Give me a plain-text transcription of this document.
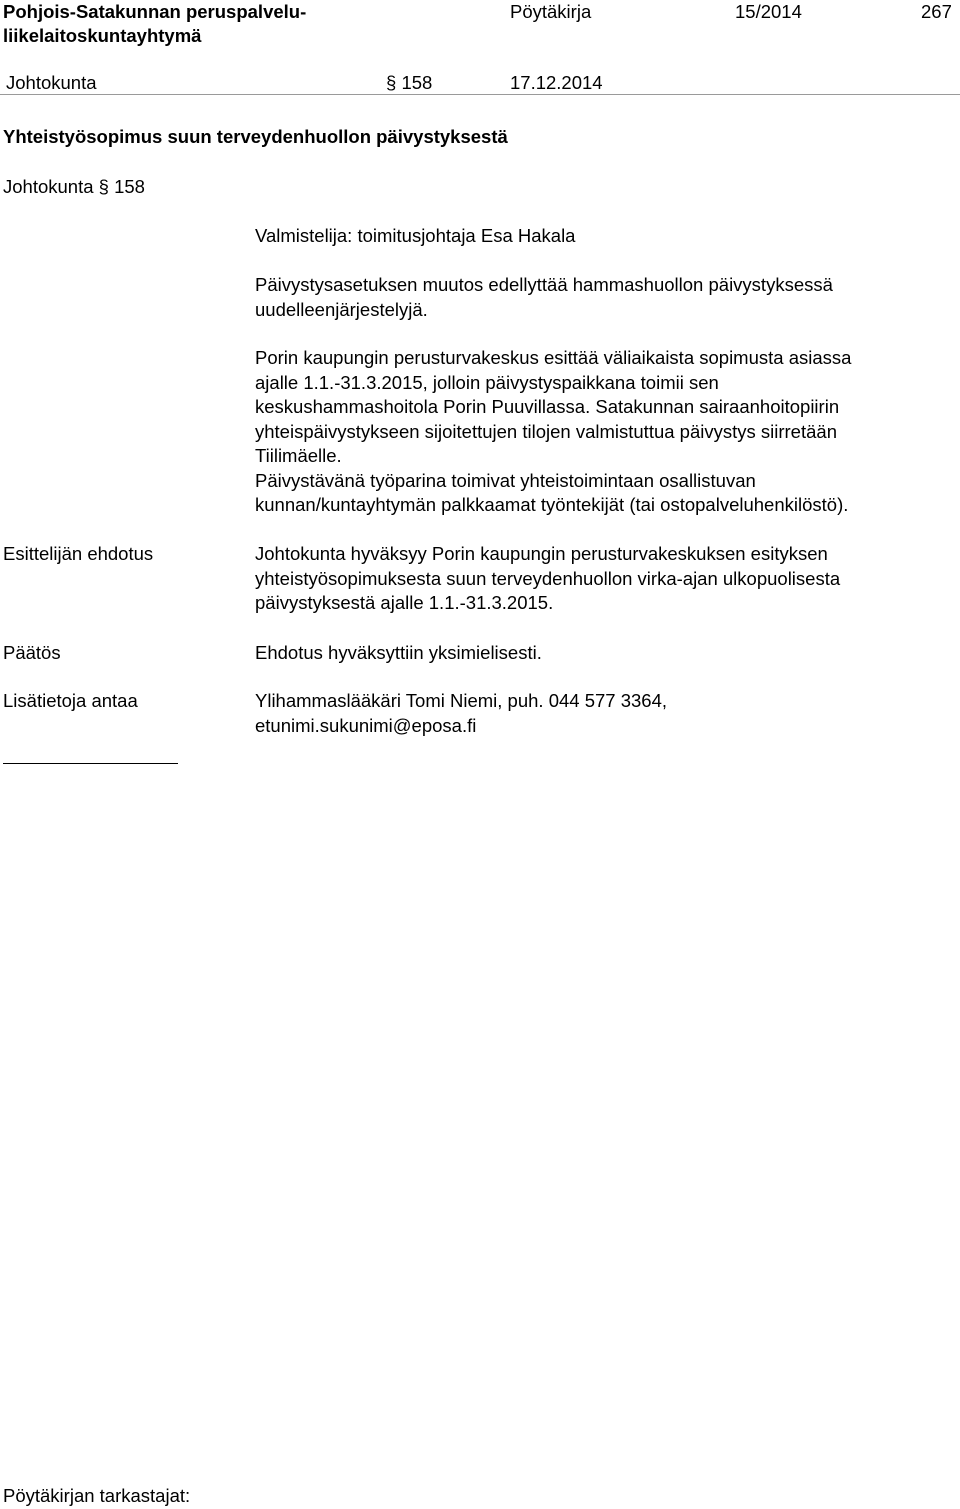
Pohjois-Satakunnan peruspalvelu-
liikelaitoskuntayhtymä
Pöytäkirja	15/2014	267
Johtokunta	§ 158	17.12.2014
Yhteistyösopimus suun terveydenhuollon päivystyksestä
Johtokunta § 158
Valmistelija: toimitusjohtaja Esa Hakala
Päivystysasetuksen muutos edellyttää hammashuollon päivystyksessä
uudelleenjärjestelyjä.
Porin kaupungin perusturvakeskus esittää väliaikaista sopimusta asiassa
ajalle 1.1.-31.3.2015, jolloin päivystyspaikkana toimii sen
keskushammashoitola Porin Puuvillassa. Satakunnan sairaanhoitopiirin
yhteispäivystykseen sijoitettujen tilojen valmistuttua päivystys siirretään
Tiilimäelle.
Päivystävänä työparina toimivat yhteistoimintaan osallistuvan
kunnan/kuntayhtymän palkkaamat työntekijät (tai ostopalveluhenkilöstö).
Esittelijän ehdotus	Johtokunta hyväksyy Porin kaupungin perusturvakeskuksen esityksen
yhteistyösopimuksesta suun terveydenhuollon virka-ajan ulkopuolisesta
päivystyksestä ajalle 1.1.-31.3.2015.
Päätös	Ehdotus hyväksyttiin yksimielisesti.
Lisätietoja antaa	Ylihammaslääkäri Tomi Niemi, puh. 044 577 3364,
etunimi.sukunimi@eposa.fi
Pöytäkirjan tarkastajat:
